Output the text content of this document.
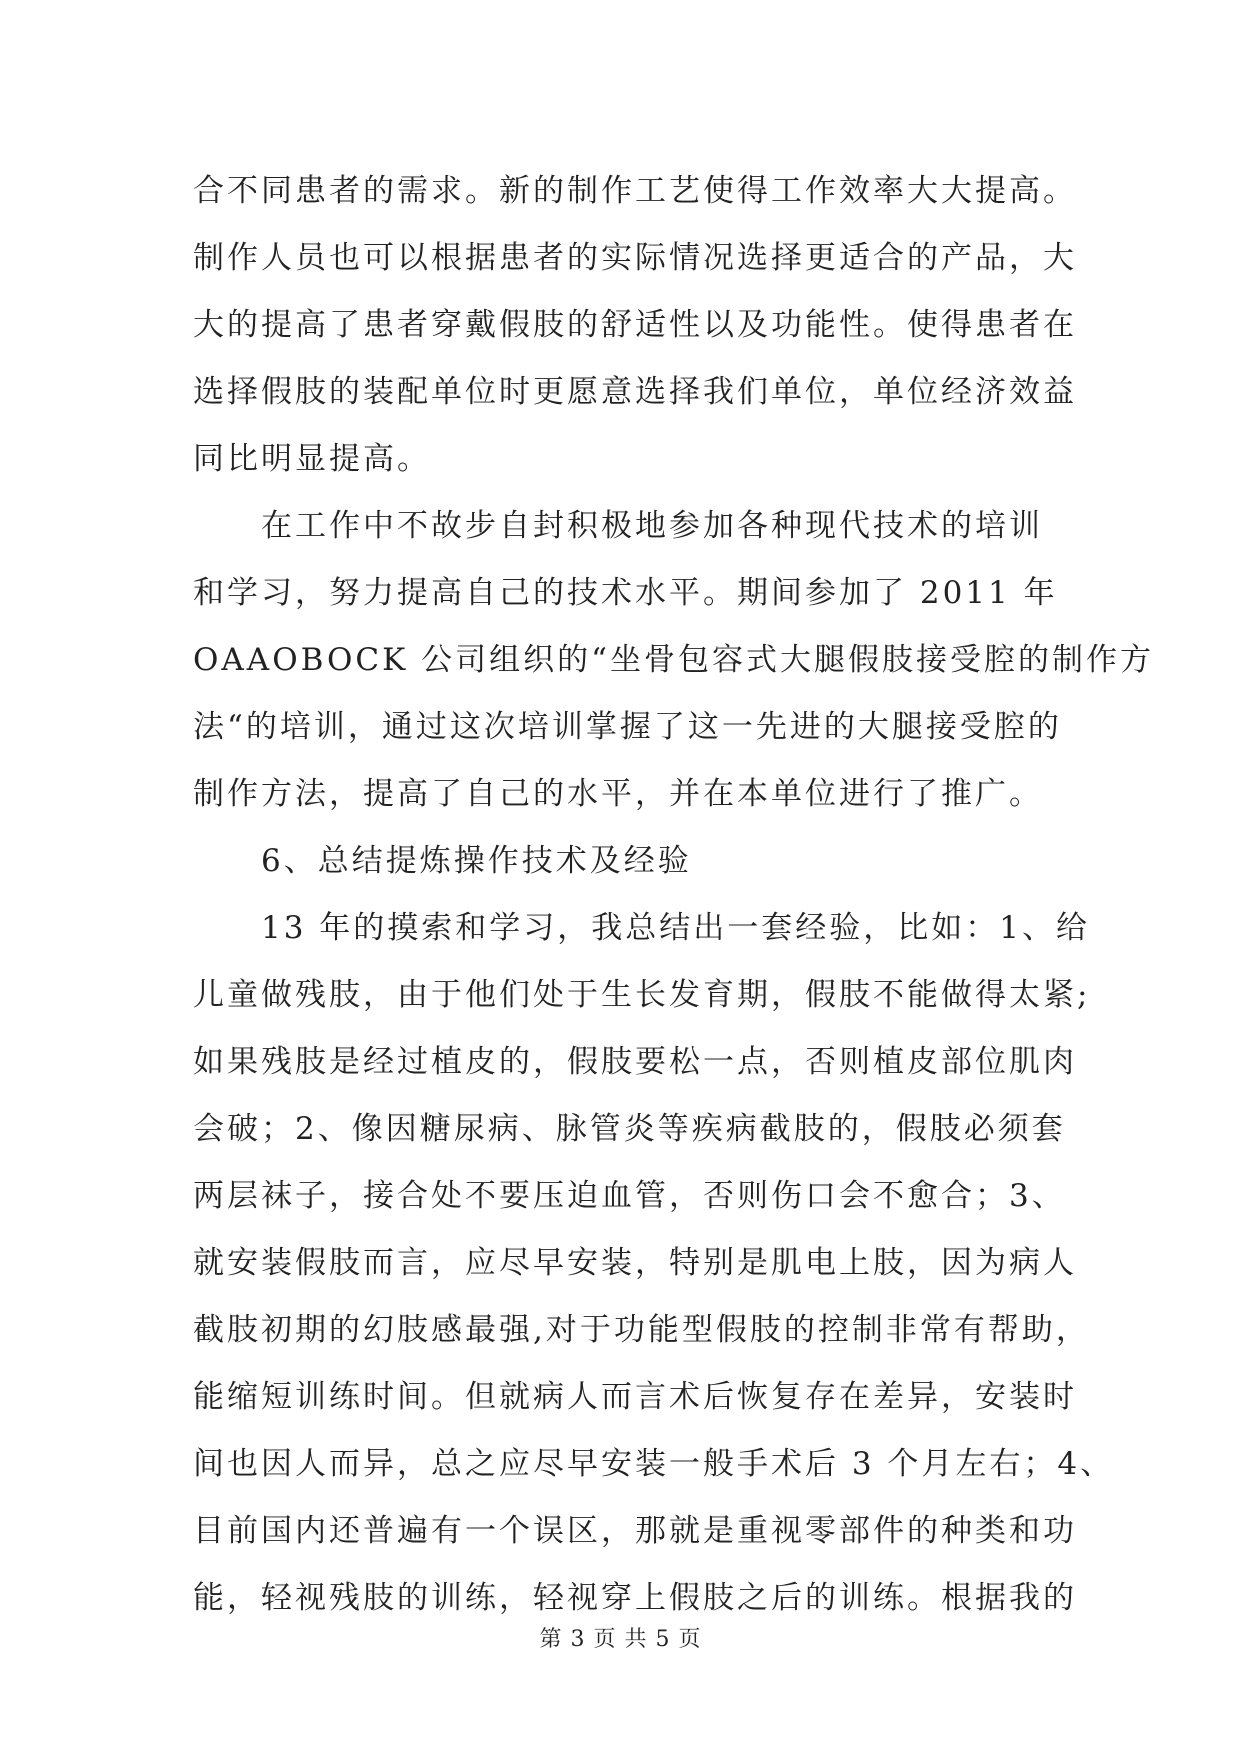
合不同患者的需求。新的制作工艺使得工作效率大大提高。
制作人员也可以根据患者的实际情况选择更适合的产品，大
大的提高了患者穿戴假肢的舒适性以及功能性。使得患者在
选择假肢的装配单位时更愿意选择我们单位，单位经济效益
同比明显提高。
　　在工作中不故步自封积极地参加各种现代技术的培训
和学习，努力提高自己的技术水平。期间参加了 2011 年
OAAOBOCK 公司组织的“坐骨包容式大腿假肢接受腔的制作方
法“的培训，通过这次培训掌握了这一先进的大腿接受腔的
制作方法，提高了自己的水平，并在本单位进行了推广。
　　6、总结提炼操作技术及经验
　　13 年的摸索和学习，我总结出一套经验，比如：1、给
儿童做残肢，由于他们处于生长发育期，假肢不能做得太紧;
如果残肢是经过植皮的，假肢要松一点，否则植皮部位肌肉
会破；2、像因糖尿病、脉管炎等疾病截肢的，假肢必须套
两层袜子，接合处不要压迫血管，否则伤口会不愈合；3、
就安装假肢而言，应尽早安装，特别是肌电上肢，因为病人
截肢初期的幻肢感最强,对于功能型假肢的控制非常有帮助，
能缩短训练时间。但就病人而言术后恢复存在差异，安装时
间也因人而异，总之应尽早安装一般手术后 3 个月左右；4、
目前国内还普遍有一个误区，那就是重视零部件的种类和功
能，轻视残肢的训练，轻视穿上假肢之后的训练。根据我的
第 3 页 共 5 页
